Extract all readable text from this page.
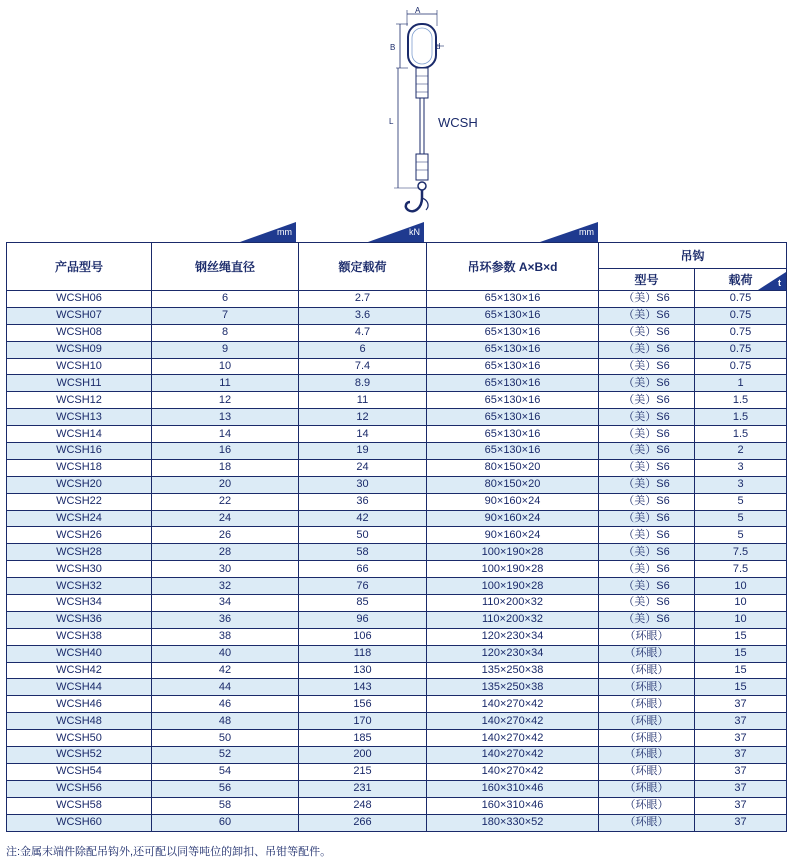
A
B	d
L	WCSH
mm	kN	mm
产品型号	钢丝绳直径	额定载荷	吊环参数 A×B×d	吊钩	
				型号	载荷 t

WCSH06	6	2.7	65×130×16	（美）S6	0.75
WCSH07	7	3.6	65×130×16	（美）S6	0.75
WCSH08	8	4.7	65×130×16	（美）S6	0.75
WCSH09	9	6	65×130×16	（美）S6	0.75
WCSH10	10	7.4	65×130×16	（美）S6	0.75
WCSH11	11	8.9	65×130×16	（美）S6	1
WCSH12	12	11	65×130×16	（美）S6	1.5
WCSH13	13	12	65×130×16	（美）S6	1.5
WCSH14	14	14	65×130×16	（美）S6	1.5
WCSH16	16	19	65×130×16	（美）S6	2
WCSH18	18	24	80×150×20	（美）S6	3
WCSH20	20	30	80×150×20	（美）S6	3
WCSH22	22	36	90×160×24	（美）S6	5
WCSH24	24	42	90×160×24	（美）S6	5
WCSH26	26	50	90×160×24	（美）S6	5
WCSH28	28	58	100×190×28	（美）S6	7.5
WCSH30	30	66	100×190×28	（美）S6	7.5
WCSH32	32	76	100×190×28	（美）S6	10
WCSH34	34	85	110×200×32	（美）S6	10
WCSH36	36	96	110×200×32	（美）S6	10
WCSH38	38	106	120×230×34	（环眼）	15
WCSH40	40	118	120×230×34	（环眼）	15
WCSH42	42	130	135×250×38	（环眼）	15
WCSH44	44	143	135×250×38	（环眼）	15
WCSH46	46	156	140×270×42	（环眼）	37
WCSH48	48	170	140×270×42	（环眼）	37
WCSH50	50	185	140×270×42	（环眼）	37
WCSH52	52	200	140×270×42	（环眼）	37
WCSH54	54	215	140×270×42	（环眼）	37
WCSH56	56	231	160×310×46	（环眼）	37
WCSH58	58	248	160×310×46	（环眼）	37
WCSH60	60	266	180×330×52	（环眼）	37
注:金属末端件除配吊钩外,还可配以同等吨位的卸扣、吊钳等配件。
